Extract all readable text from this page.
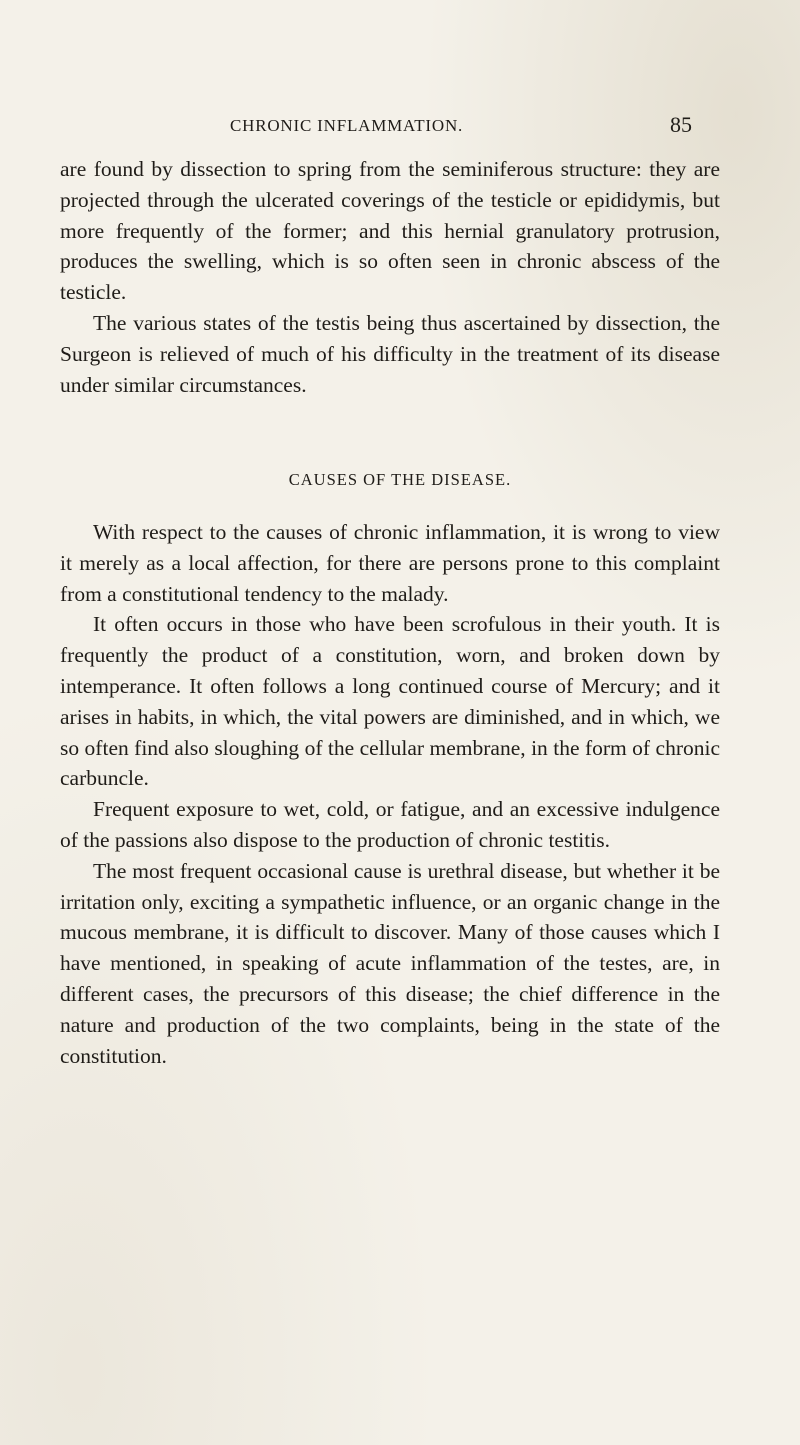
CHRONIC INFLAMMATION.	85

are found by dissection to spring from the seminiferous structure: they are projected through the ulcerated coverings of the testicle or epididymis, but more frequently of the former; and this hernial granulatory protrusion, produces the swelling, which is so often seen in chronic abscess of the testicle.

The various states of the testis being thus ascertained by dissection, the Surgeon is relieved of much of his difficulty in the treatment of its disease under similar circumstances.

CAUSES OF THE DISEASE.

With respect to the causes of chronic inflammation, it is wrong to view it merely as a local affection, for there are persons prone to this complaint from a constitutional tendency to the malady.

It often occurs in those who have been scrofulous in their youth. It is frequently the product of a constitution, worn, and broken down by intemperance. It often follows a long continued course of Mercury; and it arises in habits, in which, the vital powers are diminished, and in which, we so often find also sloughing of the cellular membrane, in the form of chronic carbuncle.

Frequent exposure to wet, cold, or fatigue, and an excessive indulgence of the passions also dispose to the production of chronic testitis.

The most frequent occasional cause is urethral disease, but whether it be irritation only, exciting a sympathetic influence, or an organic change in the mucous membrane, it is difficult to discover. Many of those causes which I have mentioned, in speaking of acute inflammation of the testes, are, in different cases, the precursors of this disease; the chief difference in the nature and production of the two complaints, being in the state of the constitution.
